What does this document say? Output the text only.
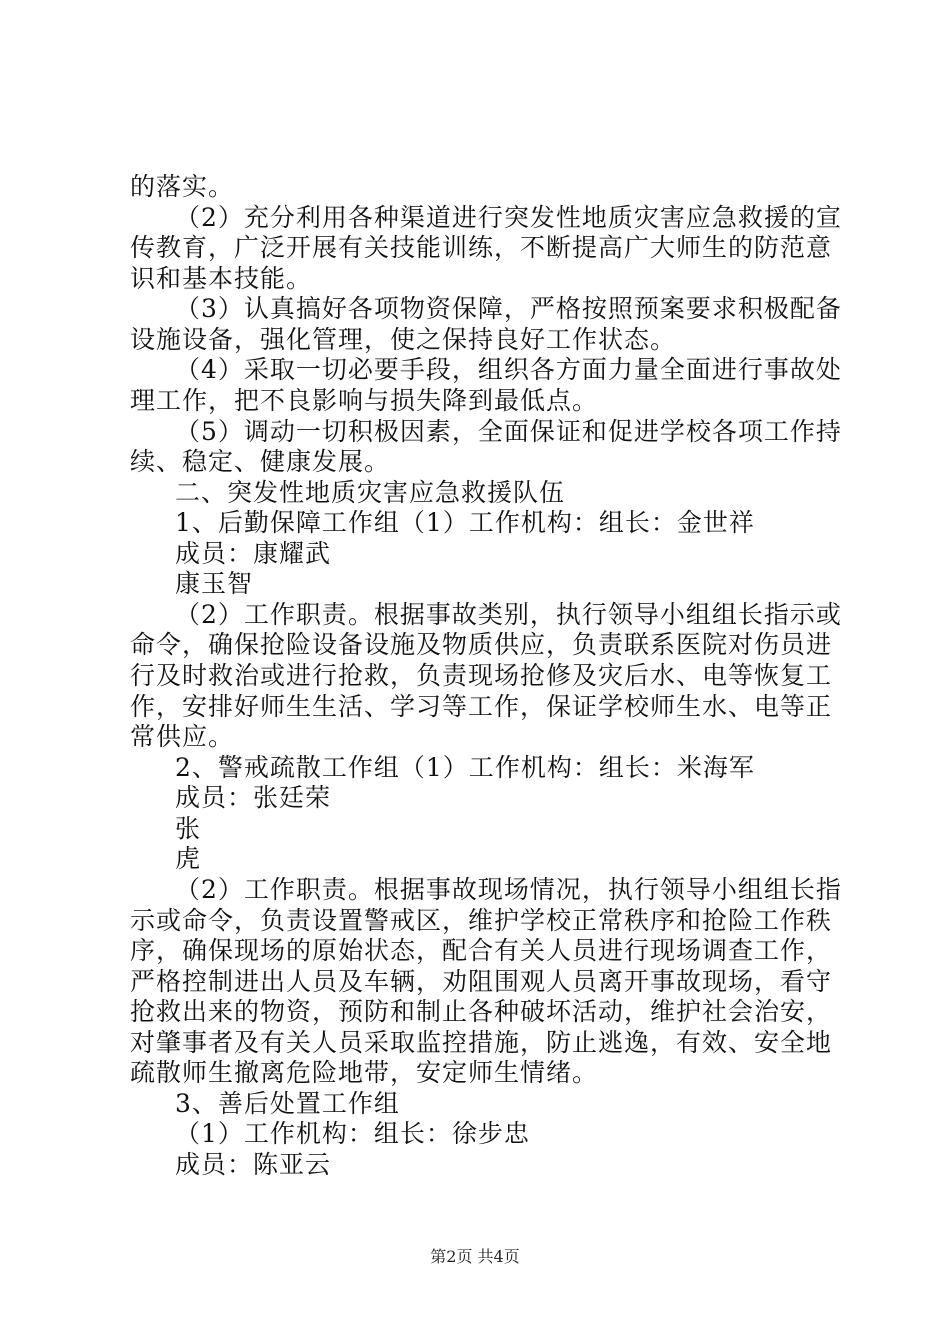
的落实。
（2）充分利用各种渠道进行突发性地质灾害应急救援的宣
传教育，广泛开展有关技能训练，不断提高广大师生的防范意
识和基本技能。
（3）认真搞好各项物资保障，严格按照预案要求积极配备
设施设备，强化管理，使之保持良好工作状态。
（4）采取一切必要手段，组织各方面力量全面进行事故处
理工作，把不良影响与损失降到最低点。
（5）调动一切积极因素，全面保证和促进学校各项工作持
续、稳定、健康发展。
二、突发性地质灾害应急救援队伍
1、后勤保障工作组（1）工作机构：组长：金世祥
成员：康耀武
康玉智
（2）工作职责。根据事故类别，执行领导小组组长指示或
命令，确保抢险设备设施及物质供应，负责联系医院对伤员进
行及时救治或进行抢救，负责现场抢修及灾后水、电等恢复工
作，安排好师生生活、学习等工作，保证学校师生水、电等正
常供应。
2、警戒疏散工作组（1）工作机构：组长：米海军
成员：张廷荣
张
虎
（2）工作职责。根据事故现场情况，执行领导小组组长指
示或命令，负责设置警戒区，维护学校正常秩序和抢险工作秩
序，确保现场的原始状态，配合有关人员进行现场调查工作，
严格控制进出人员及车辆，劝阻围观人员离开事故现场，看守
抢救出来的物资，预防和制止各种破坏活动，维护社会治安，
对肇事者及有关人员采取监控措施，防止逃逸，有效、安全地
疏散师生撤离危险地带，安定师生情绪。
3、善后处置工作组
（1）工作机构：组长：徐步忠
成员：陈亚云
第2页 共4页
